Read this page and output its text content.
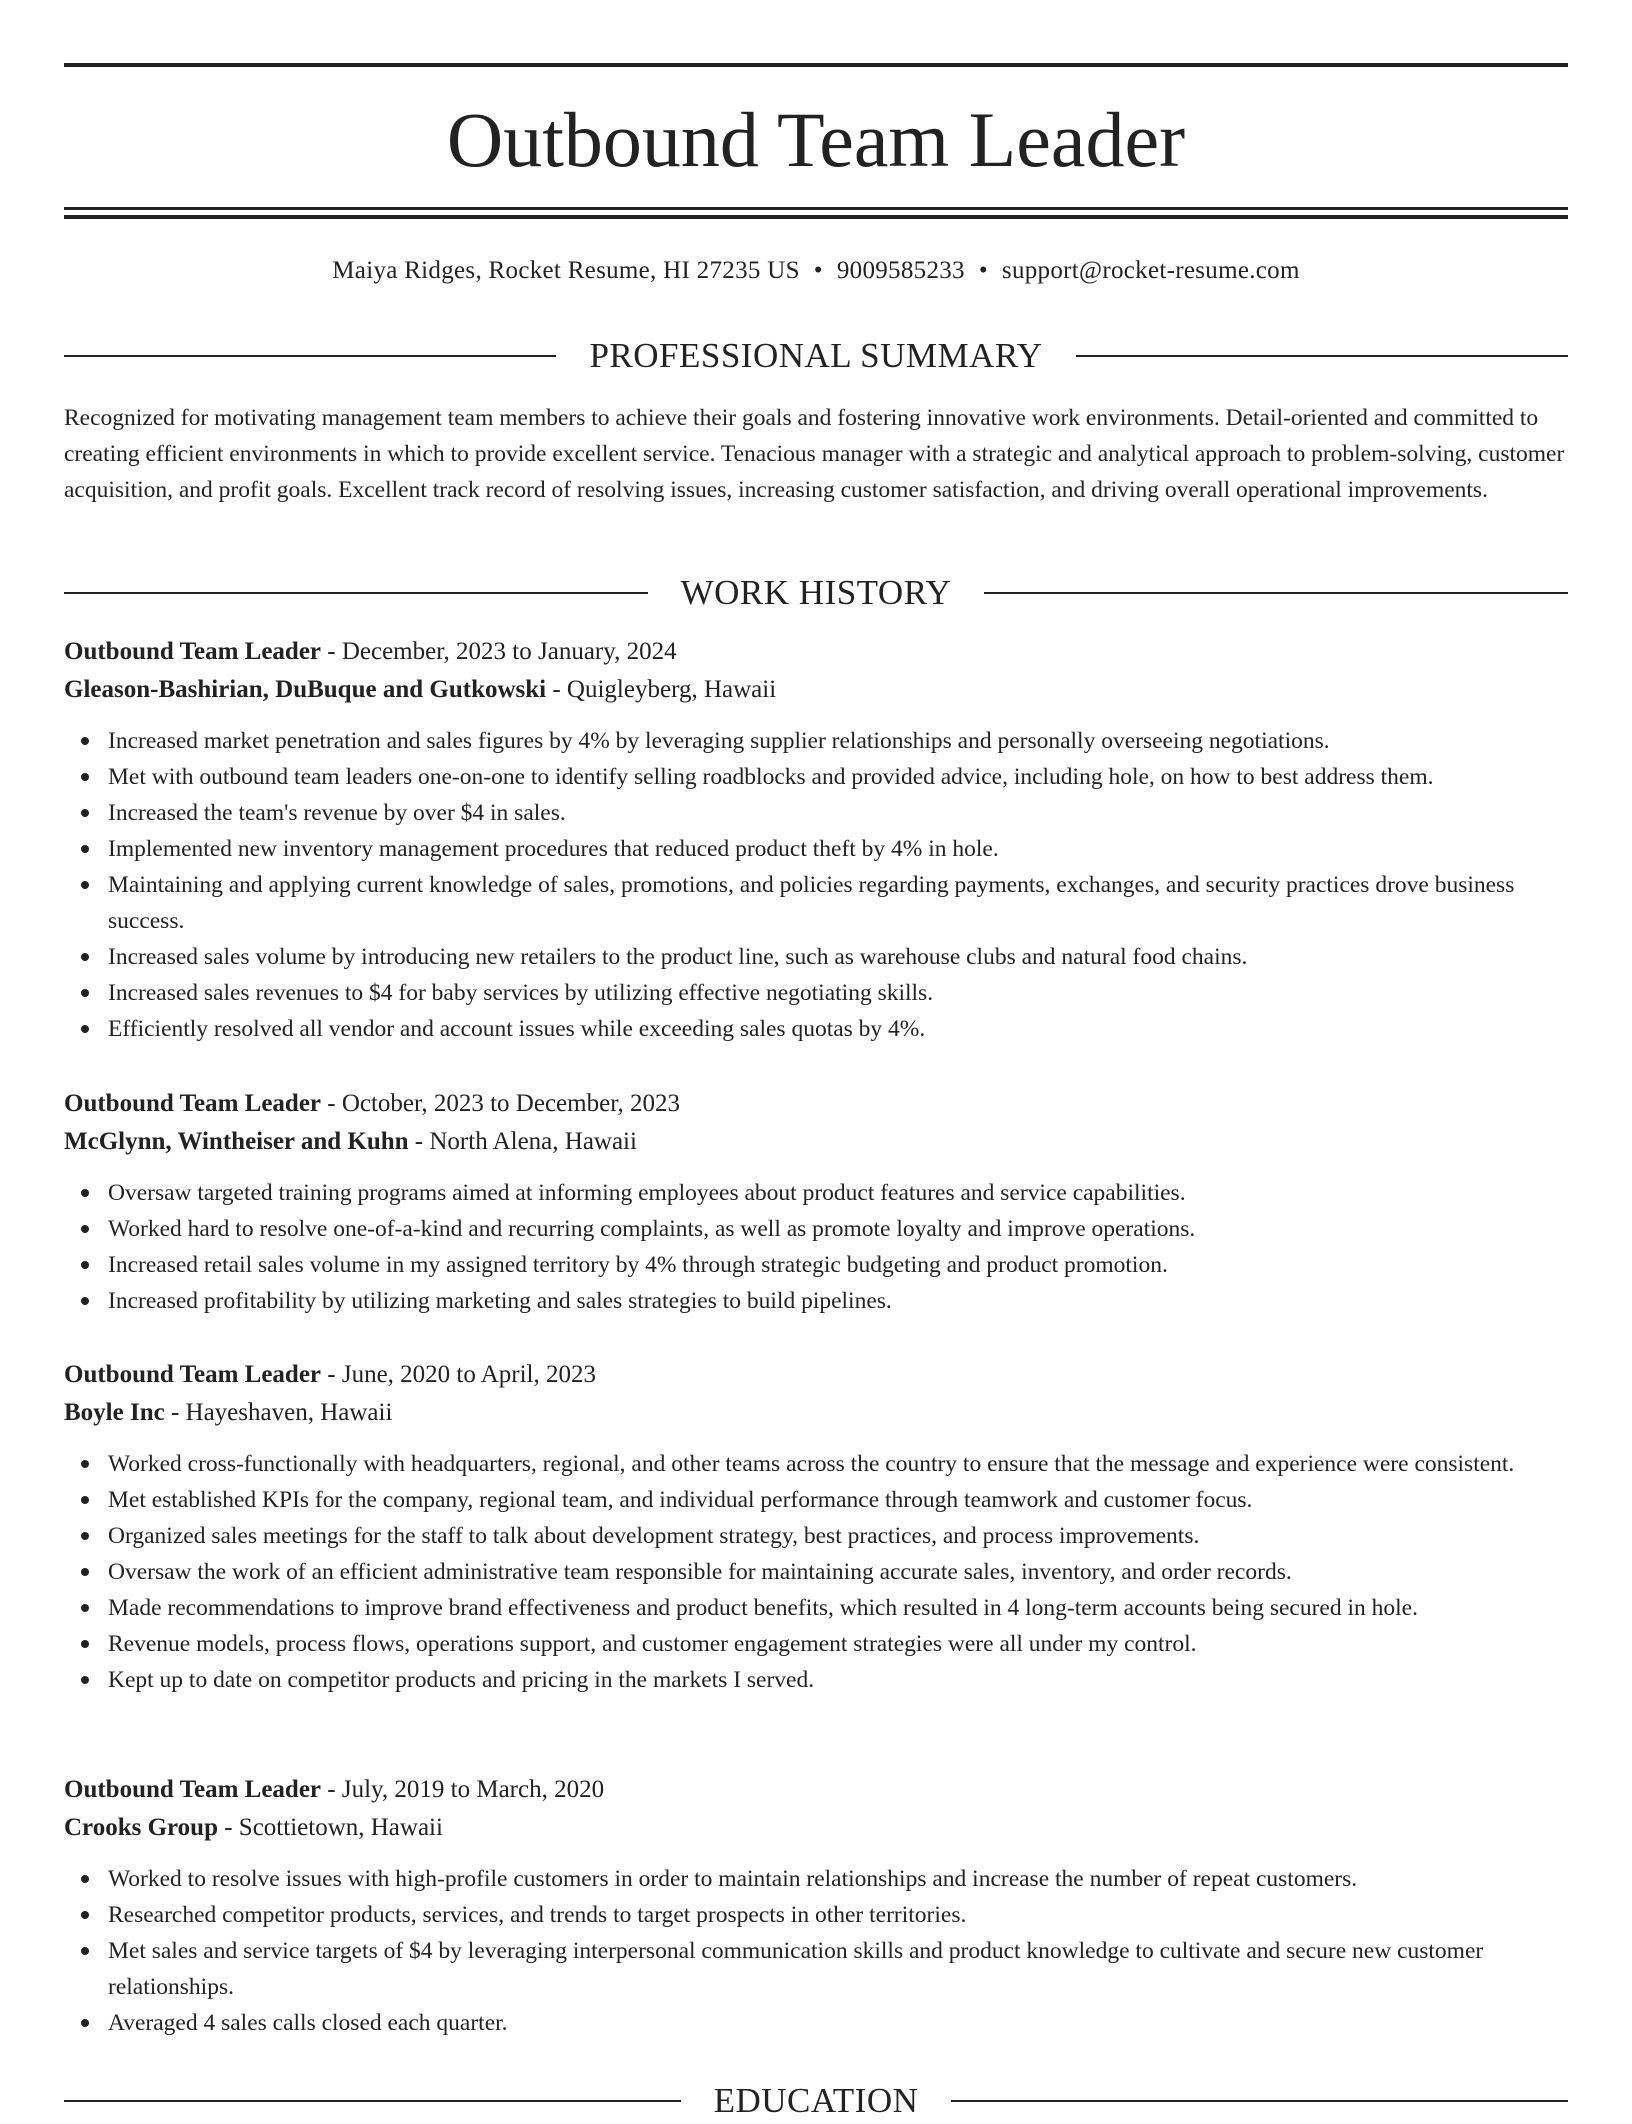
Outbound Team Leader
Maiya Ridges, Rocket Resume, HI 27235 US • 9009585233 • support@rocket-resume.com
PROFESSIONAL SUMMARY

Recognized for motivating management team members to achieve their goals and fostering innovative work environments. Detail-oriented and committed to creating efficient environments in which to provide excellent service. Tenacious manager with a strategic and analytical approach to problem-solving, customer acquisition, and profit goals. Excellent track record of resolving issues, increasing customer satisfaction, and driving overall operational improvements.

WORK HISTORY
Outbound Team Leader - December, 2023 to January, 2024
Gleason-Bashirian, DuBuque and Gutkowski - Quigleyberg, Hawaii
Increased market penetration and sales figures by 4% by leveraging supplier relationships and personally overseeing negotiations.
Met with outbound team leaders one-on-one to identify selling roadblocks and provided advice, including hole, on how to best address them.
Increased the team's revenue by over $4 in sales.
Implemented new inventory management procedures that reduced product theft by 4% in hole.
Maintaining and applying current knowledge of sales, promotions, and policies regarding payments, exchanges, and security practices drove business success.
Increased sales volume by introducing new retailers to the product line, such as warehouse clubs and natural food chains.
Increased sales revenues to $4 for baby services by utilizing effective negotiating skills.
Efficiently resolved all vendor and account issues while exceeding sales quotas by 4%.
Outbound Team Leader - October, 2023 to December, 2023
McGlynn, Wintheiser and Kuhn - North Alena, Hawaii
Oversaw targeted training programs aimed at informing employees about product features and service capabilities.
Worked hard to resolve one-of-a-kind and recurring complaints, as well as promote loyalty and improve operations.
Increased retail sales volume in my assigned territory by 4% through strategic budgeting and product promotion.
Increased profitability by utilizing marketing and sales strategies to build pipelines.
Outbound Team Leader - June, 2020 to April, 2023
Boyle Inc - Hayeshaven, Hawaii
Worked cross-functionally with headquarters, regional, and other teams across the country to ensure that the message and experience were consistent.
Met established KPIs for the company, regional team, and individual performance through teamwork and customer focus.
Organized sales meetings for the staff to talk about development strategy, best practices, and process improvements.
Oversaw the work of an efficient administrative team responsible for maintaining accurate sales, inventory, and order records.
Made recommendations to improve brand effectiveness and product benefits, which resulted in 4 long-term accounts being secured in hole.
Revenue models, process flows, operations support, and customer engagement strategies were all under my control.
Kept up to date on competitor products and pricing in the markets I served.
Outbound Team Leader - July, 2019 to March, 2020
Crooks Group - Scottietown, Hawaii
Worked to resolve issues with high-profile customers in order to maintain relationships and increase the number of repeat customers.
Researched competitor products, services, and trends to target prospects in other territories.
Met sales and service targets of $4 by leveraging interpersonal communication skills and product knowledge to cultivate and secure new customer relationships.
Averaged 4 sales calls closed each quarter.
EDUCATION
